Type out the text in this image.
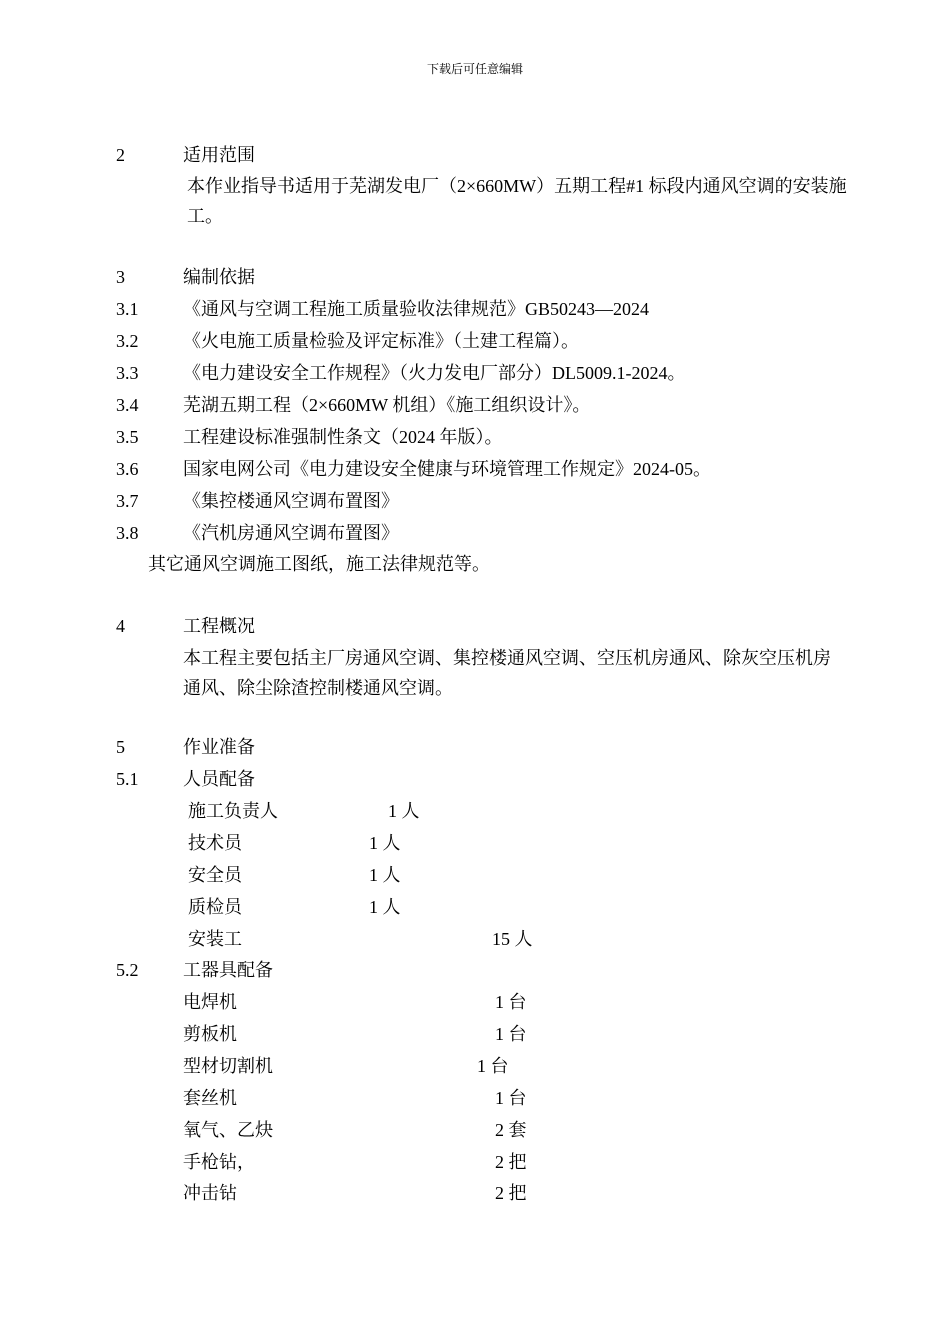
下载后可任意编辑
2	适用范围
本作业指导书适用于芜湖发电厂（2×660MW）五期工程#1 标段内通风空调的安装施工。
3	编制依据
3.1 《通风与空调工程施工质量验收法律规范》GB50243—2024
3.2 《火电施工质量检验及评定标准》（土建工程篇）。
3.3 《电力建设安全工作规程》（火力发电厂部分）DL5009.1-2024。
3.4 芜湖五期工程（2×660MW 机组）《施工组织设计》。
3.5 工程建设标准强制性条文（2024 年版）。
3.6 国家电网公司《电力建设安全健康与环境管理工作规定》2024-05。
3.7 《集控楼通风空调布置图》
3.8 《汽机房通风空调布置图》
其它通风空调施工图纸，施工法律规范等。
4	工程概况
本工程主要包括主厂房通风空调、集控楼通风空调、空压机房通风、除灰空压机房通风、除尘除渣控制楼通风空调。
5	作业准备
5.1 人员配备
施工负责人	1 人
技术员	1 人
安全员	1 人
质检员	1 人
安装工	15 人
5.2 工器具配备
电焊机	1 台
剪板机	1 台
型材切割机	1 台
套丝机	1 台
氧气、乙炔	2 套
手枪钻，	2 把
冲击钻	2 把
